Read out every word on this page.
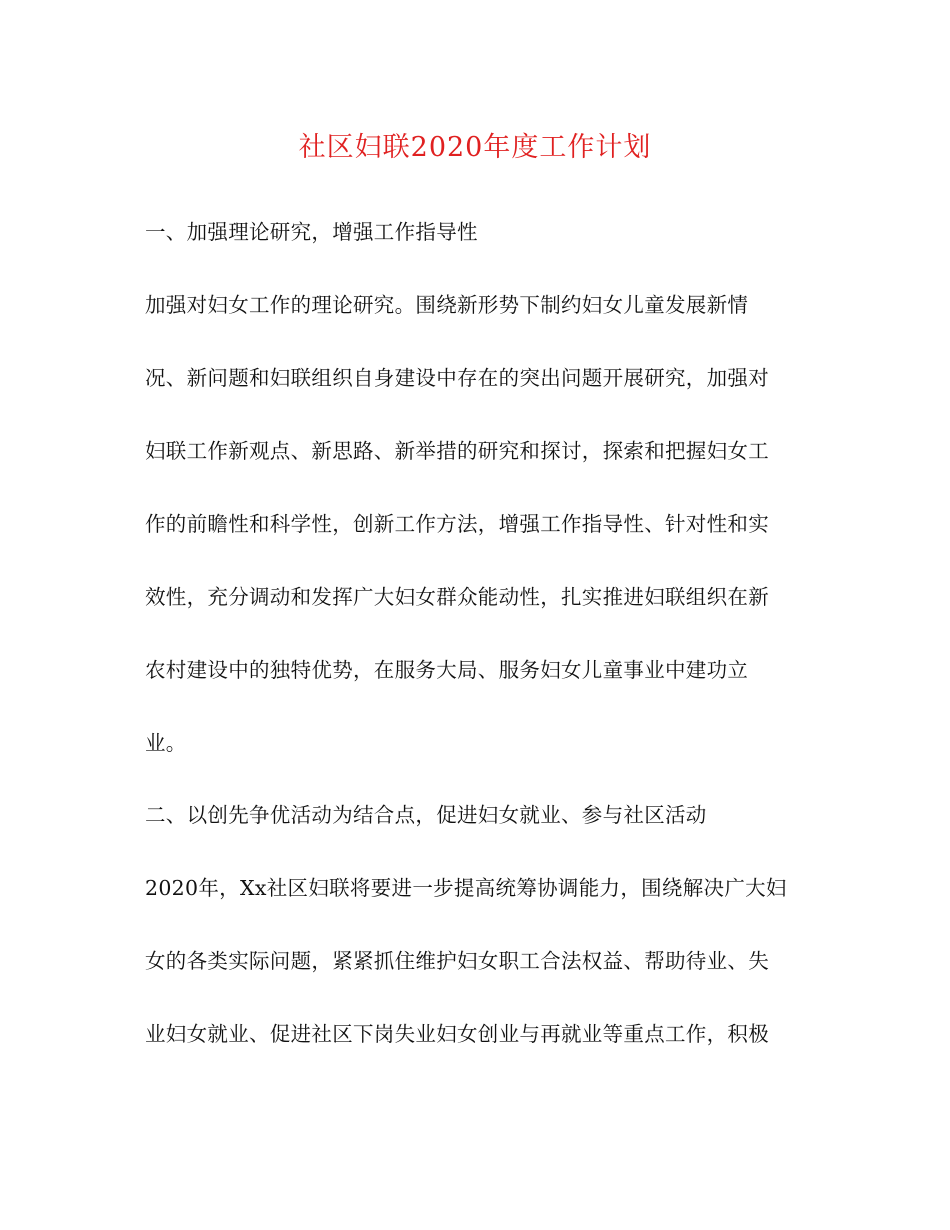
社区妇联2020年度工作计划
一、加强理论研究，增强工作指导性
加强对妇女工作的理论研究。围绕新形势下制约妇女儿童发展新情
况、新问题和妇联组织自身建设中存在的突出问题开展研究，加强对
妇联工作新观点、新思路、新举措的研究和探讨，探索和把握妇女工
作的前瞻性和科学性，创新工作方法，增强工作指导性、针对性和实
效性，充分调动和发挥广大妇女群众能动性，扎实推进妇联组织在新
农村建设中的独特优势，在服务大局、服务妇女儿童事业中建功立
业。
二、以创先争优活动为结合点，促进妇女就业、参与社区活动
2020年，Xx社区妇联将要进一步提高统筹协调能力，围绕解决广大妇
女的各类实际问题，紧紧抓住维护妇女职工合法权益、帮助待业、失
业妇女就业、促进社区下岗失业妇女创业与再就业等重点工作，积极
